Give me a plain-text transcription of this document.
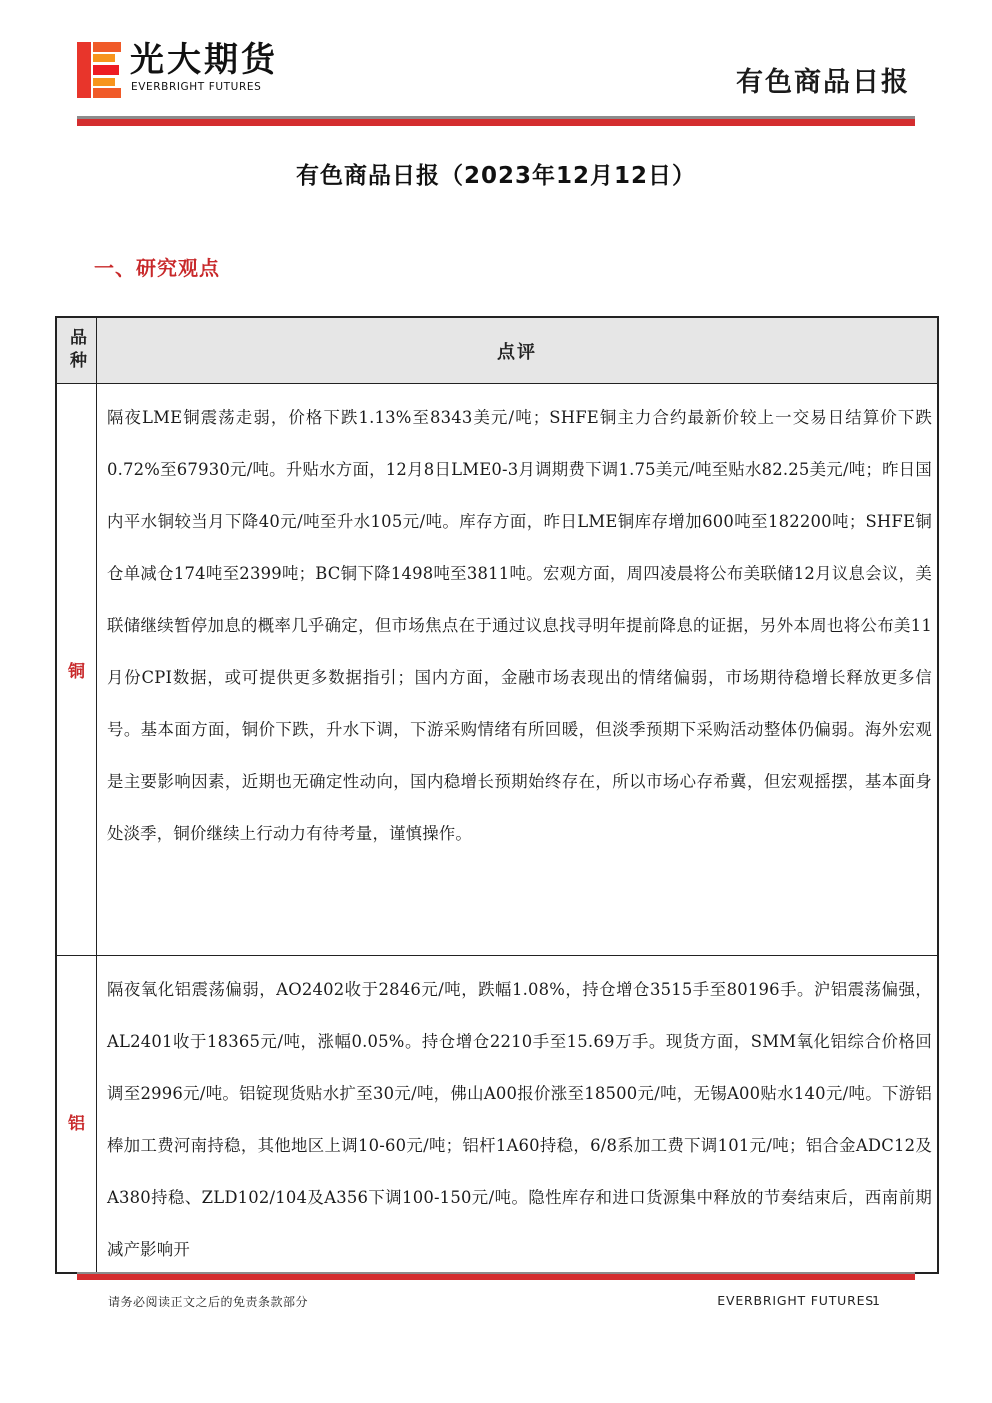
光大期货
EVERBRIGHT FUTURES	有色商品日报
有色商品日报（2023年12月12日）
一、研究观点
品种	点评
铜
隔夜LME铜震荡走弱，价格下跌1.13%至8343美元/吨；SHFE铜主力合约最新价较上一交易日结算价下跌0.72%至67930元/吨。升贴水方面，12月8日LME0-3月调期费下调1.75美元/吨至贴水82.25美元/吨；昨日国内平水铜较当月下降40元/吨至升水105元/吨。库存方面，昨日LME铜库存增加600吨至182200吨；SHFE铜仓单减仓174吨至2399吨；BC铜下降1498吨至3811吨。宏观方面，周四凌晨将公布美联储12月议息会议，美联储继续暂停加息的概率几乎确定，但市场焦点在于通过议息找寻明年提前降息的证据，另外本周也将公布美11月份CPI数据，或可提供更多数据指引；国内方面，金融市场表现出的情绪偏弱，市场期待稳增长释放更多信号。基本面方面，铜价下跌，升水下调，下游采购情绪有所回暖，但淡季预期下采购活动整体仍偏弱。海外宏观是主要影响因素，近期也无确定性动向，国内稳增长预期始终存在，所以市场心存希冀，但宏观摇摆，基本面身处淡季，铜价继续上行动力有待考量，谨慎操作。
铝
隔夜氧化铝震荡偏弱，AO2402收于2846元/吨，跌幅1.08%，持仓增仓3515手至80196手。沪铝震荡偏强，AL2401收于18365元/吨，涨幅0.05%。持仓增仓2210手至15.69万手。现货方面，SMM氧化铝综合价格回调至2996元/吨。铝锭现货贴水扩至30元/吨，佛山A00报价涨至18500元/吨，无锡A00贴水140元/吨。下游铝棒加工费河南持稳，其他地区上调10-60元/吨；铝杆1A60持稳，6/8系加工费下调101元/吨；铝合金ADC12及A380持稳、ZLD102/104及A356下调100-150元/吨。隐性库存和进口货源集中释放的节奏结束后，西南前期减产影响开
请务必阅读正文之后的免责条款部分	EVERBRIGHT FUTURES
1
